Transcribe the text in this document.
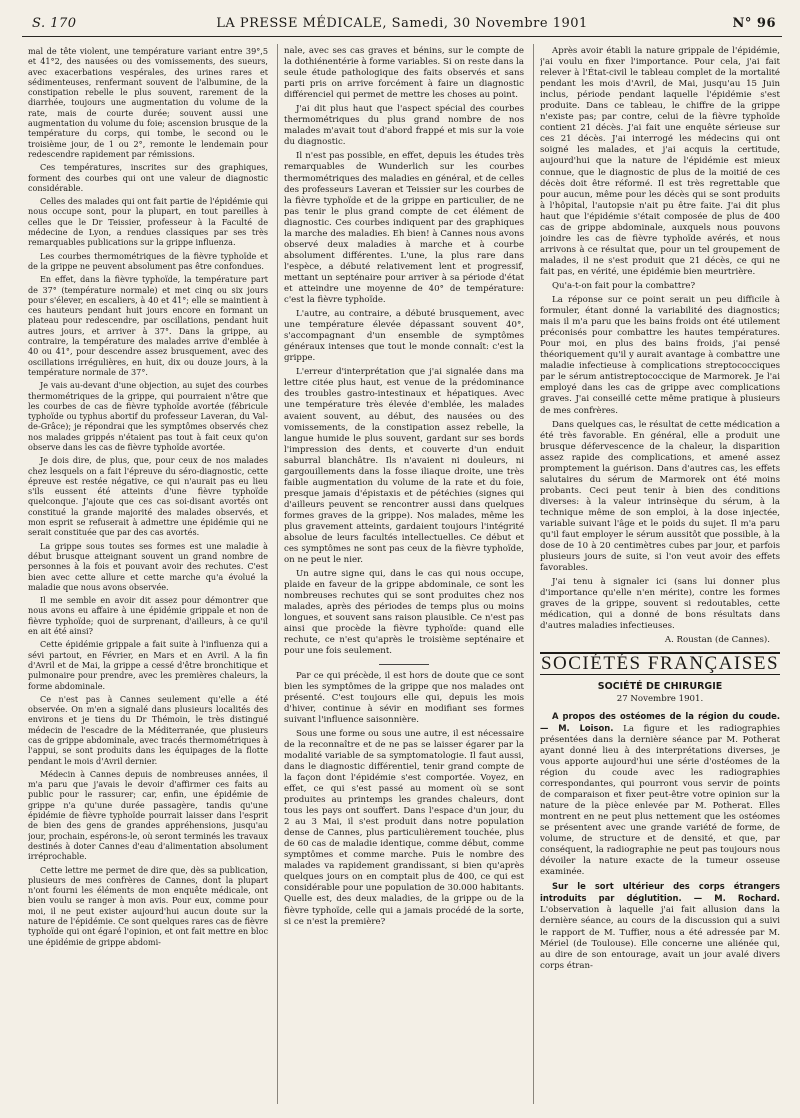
S. 170	LA PRESSE MÉDICALE, Samedi, 30 Novembre 1901	N° 96

mal de tête violent, une température variant entre 39°,5 et 41°2, des nausées ou des vomissements, des sueurs, avec exacerbations vespérales, des urines rares et sédimenteuses, renfermant souvent de l'albumine, de la constipation rebelle le plus souvent, rarement de la diarrhée, toujours une augmentation du volume de la rate, mais de courte durée; souvent aussi une augmentation du volume du foie; ascension brusque de la température du corps, qui tombe, le second ou le troisième jour, de 1 ou 2°, remonte le lendemain pour redescendre rapidement par rémissions.

Ces températures, inscrites sur des graphiques, forment des courbes qui ont une valeur de diagnostic considérable.

Celles des malades qui ont fait partie de l'épidémie qui nous occupe sont, pour la plupart, en tout pareilles à celles que le Dr Teissier, professeur à la Faculté de médecine de Lyon, a rendues classiques par ses très remarquables publications sur la grippe influenza.

Les courbes thermométriques de la fièvre typhoïde et de la grippe ne peuvent absolument pas être confondues.

En effet, dans la fièvre typhoïde, la température part de 37° (température normale) et met cinq ou six jours pour s'élever, en escaliers, à 40 et 41°; elle se maintient à ces hauteurs pendant huit jours encore en formant un plateau pour redescendre, par oscillations, pendant huit autres jours, et arriver à 37°. Dans la grippe, au contraire, la température des malades arrive d'emblée à 40 ou 41°, pour descendre assez brusquement, avec des oscillations irrégulières, en huit, dix ou douze jours, à la température normale de 37°.

Je vais au-devant d'une objection, au sujet des courbes thermométriques de la grippe, qui pourraient n'être que les courbes de cas de fièvre typhoïde avortée (fébricule typhoïde ou typhus abortif du professeur Laveran, du Val-de-Grâce); je répondrai que les symptômes observés chez nos malades grippés n'étaient pas tout à fait ceux qu'on observe dans les cas de fièvre typhoïde avortée.

Je dois dire, de plus, que, pour ceux de nos malades chez lesquels on a fait l'épreuve du séro-diagnostic, cette épreuve est restée négative, ce qui n'aurait pas eu lieu s'ils eussent été atteints d'une fièvre typhoïde quelconque. J'ajoute que ces cas soi-disant avortés ont constitué la grande majorité des malades observés, et mon esprit se refuserait à admettre une épidémie qui ne serait constituée que par des cas avortés.

La grippe sous toutes ses formes est une maladie à début brusque atteignant souvent un grand nombre de personnes à la fois et pouvant avoir des rechutes. C'est bien avec cette allure et cette marche qu'a évolué la maladie que nous avons observée.

Il me semble en avoir dit assez pour démontrer que nous avons eu affaire à une épidémie grippale et non de fièvre typhoïde; quoi de surprenant, d'ailleurs, à ce qu'il en ait été ainsi?

Cette épidémie grippale a fait suite à l'influenza qui a sévi partout, en Février, en Mars et en Avril. A la fin d'Avril et de Mai, la grippe a cessé d'être bronchitique et pulmonaire pour prendre, avec les premières chaleurs, la forme abdominale.

Ce n'est pas à Cannes seulement qu'elle a été observée. On m'en a signalé dans plusieurs localités des environs et je tiens du Dr Thémoin, le très distingué médecin de l'escadre de la Méditerranée, que plusieurs cas de grippe abdominale, avec tracés thermométriques à l'appui, se sont produits dans les équipages de la flotte pendant le mois d'Avril dernier.

Médecin à Cannes depuis de nombreuses années, il m'a paru que j'avais le devoir d'affirmer ces faits au public pour le rassurer; car, enfin, une épidémie de grippe n'a qu'une durée passagère, tandis qu'une épidémie de fièvre typhoïde pourrait laisser dans l'esprit de bien des gens de grandes appréhensions, jusqu'au jour, prochain, espérons-le, où seront terminés les travaux destinés à doter Cannes d'eau d'alimentation absolument irréprochable.

Cette lettre me permet de dire que, dès sa publication, plusieurs de mes confrères de Cannes, dont la plupart n'ont fourni les éléments de mon enquête médicale, ont bien voulu se ranger à mon avis. Pour eux, comme pour moi, il ne peut exister aujourd'hui aucun doute sur la nature de l'épidémie. Ce sont quelques rares cas de fièvre typhoïde qui ont égaré l'opinion, et ont fait mettre en bloc une épidémie de grippe abdomi-

nale, avec ses cas graves et bénins, sur le compte de la dothiénentérie à forme variables. Si on reste dans la seule étude pathologique des faits observés et sans parti pris on arrive forcément à faire un diagnostic différenciel qui permet de mettre les choses au point.

J'ai dit plus haut que l'aspect spécial des courbes thermométriques du plus grand nombre de nos malades m'avait tout d'abord frappé et mis sur la voie du diagnostic.

Il n'est pas possible, en effet, depuis les études très remarquables de Wunderlich sur les courbes thermométriques des maladies en général, et de celles des professeurs Laveran et Teissier sur les courbes de la fièvre typhoïde et de la grippe en particulier, de ne pas tenir le plus grand compte de cet élément de diagnostic. Ces courbes indiquent par des graphiques la marche des maladies. Eh bien! à Cannes nous avons observé deux maladies à marche et à courbe absolument différentes. L'une, la plus rare dans l'espèce, a débuté relativement lent et progressif, mettant un septénaire pour arriver à sa période d'état et atteindre une moyenne de 40° de température: c'est la fièvre typhoïde.

L'autre, au contraire, a débuté brusquement, avec une température élevée dépassant souvent 40°, s'accompagnant d'un ensemble de symptômes généraux intenses que tout le monde connaît: c'est la grippe.

L'erreur d'interprétation que j'ai signalée dans ma lettre citée plus haut, est venue de la prédominance des troubles gastro-intestinaux et hépatiques. Avec une température très élevée d'emblée, les malades avaient souvent, au début, des nausées ou des vomissements, de la constipation assez rebelle, la langue humide le plus souvent, gardant sur ses bords l'impression des dents, et couverte d'un enduit saburral blanchâtre. Ils n'avaient ni douleurs, ni gargouillements dans la fosse iliaque droite, une très faible augmentation du volume de la rate et du foie, presque jamais d'épistaxis et de pétéchies (signes qui d'ailleurs peuvent se rencontrer aussi dans quelques formes graves de la grippe). Nos malades, même les plus gravement atteints, gardaient toujours l'intégrité absolue de leurs facultés intellectuelles. Ce début et ces symptômes ne sont pas ceux de la fièvre typhoïde, on ne peut le nier.

Un autre signe qui, dans le cas qui nous occupe, plaide en faveur de la grippe abdominale, ce sont les nombreuses rechutes qui se sont produites chez nos malades, après des périodes de temps plus ou moins longues, et souvent sans raison plausible. Ce n'est pas ainsi que procède la fièvre typhoïde: quand elle rechute, ce n'est qu'après le troisième septénaire et pour une fois seulement.

Par ce qui précède, il est hors de doute que ce sont bien les symptômes de la grippe que nos malades ont présenté. C'est toujours elle qui, depuis les mois d'hiver, continue à sévir en modifiant ses formes suivant l'influence saisonnière.

Sous une forme ou sous une autre, il est nécessaire de la reconnaître et de ne pas se laisser égarer par la modalité variable de sa symptomatologie. Il faut aussi, dans le diagnostic différentiel, tenir grand compte de la façon dont l'épidémie s'est comportée. Voyez, en effet, ce qui s'est passé au moment où se sont produites au printemps les grandes chaleurs, dont tous les pays ont souffert. Dans l'espace d'un jour, du 2 au 3 Mai, il s'est produit dans notre population dense de Cannes, plus particulièrement touchée, plus de 60 cas de maladie identique, comme début, comme symptômes et comme marche. Puis le nombre des malades va rapidement grandissant, si bien qu'après quelques jours on en comptait plus de 400, ce qui est considérable pour une population de 30.000 habitants. Quelle est, des deux maladies, de la grippe ou de la fièvre typhoïde, celle qui a jamais procédé de la sorte, si ce n'est la première?

Après avoir établi la nature grippale de l'épidémie, j'ai voulu en fixer l'importance. Pour cela, j'ai fait relever à l'État-civil le tableau complet de la mortalité pendant les mois d'Avril, de Mai, jusqu'au 15 Juin inclus, période pendant laquelle l'épidémie s'est produite. Dans ce tableau, le chiffre de la grippe n'existe pas; par contre, celui de la fièvre typhoïde contient 21 décès. J'ai fait une enquête sérieuse sur ces 21 décès. J'ai interrogé les médecins qui ont soigné les malades, et j'ai acquis la certitude, aujourd'hui que la nature de l'épidémie est mieux connue, que le diagnostic de plus de la moitié de ces décès doit être réformé. Il est très regrettable que pour aucun, même pour les décès qui se sont produits à l'hôpital, l'autopsie n'ait pu être faite. J'ai dit plus haut que l'épidémie s'était composée de plus de 400 cas de grippe abdominale, auxquels nous pouvons joindre les cas de fièvre typhoïde avérés, et nous arrivons à ce résultat que, pour un tel groupement de malades, il ne s'est produit que 21 décès, ce qui ne fait pas, en vérité, une épidémie bien meurtrière.

Qu'a-t-on fait pour la combattre?

La réponse sur ce point serait un peu difficile à formuler, étant donné la variabilité des diagnostics; mais il m'a paru que les bains froids ont été utilement préconisés pour combattre les hautes températures. Pour moi, en plus des bains froids, j'ai pensé théoriquement qu'il y aurait avantage à combattre une maladie infectieuse à complications streptococciques par le sérum antistreptococcique de Marmorek. Je l'ai employé dans les cas de grippe avec complications graves. J'ai conseillé cette même pratique à plusieurs de mes confrères.

Dans quelques cas, le résultat de cette médication a été très favorable. En général, elle a produit une brusque défervescence de la chaleur, la disparition assez rapide des complications, et amené assez promptement la guérison. Dans d'autres cas, les effets salutaires du sérum de Marmorek ont été moins probants. Ceci peut tenir à bien des conditions diverses: à la valeur intrinsèque du sérum, à la technique même de son emploi, à la dose injectée, variable suivant l'âge et le poids du sujet. Il m'a paru qu'il faut employer le sérum aussitôt que possible, à la dose de 10 à 20 centimètres cubes par jour, et parfois plusieurs jours de suite, si l'on veut avoir des effets favorables.

J'ai tenu à signaler ici (sans lui donner plus d'importance qu'elle n'en mérite), contre les formes graves de la grippe, souvent si redoutables, cette médication, qui a donné de bons résultats dans d'autres maladies infectieuses.

A. Roustan (de Cannes).
SOCIÉTÉS FRANÇAISES
SOCIÉTÉ DE CHIRURGIE
27 Novembre 1901.

A propos des ostéomes de la région du coude. — M. Loison. La figure et les radiographies présentées dans la dernière séance par M. Potherat ayant donné lieu à des interprétations diverses, je vous apporte aujourd'hui une série d'ostéomes de la région du coude avec les radiographies correspondantes, qui pourront vous servir de points de comparaison et fixer peut-être votre opinion sur la nature de la pièce enlevée par M. Potherat. Elles montrent en ne peut plus nettement que les ostéomes se présentent avec une grande variété de forme, de volume, de structure et de densité, et que, par conséquent, la radiographie ne peut pas toujours nous dévoiler la nature exacte de la tumeur osseuse examinée.

Sur le sort ultérieur des corps étrangers introduits par déglutition. — M. Rochard. L'observation à laquelle j'ai fait allusion dans la dernière séance, au cours de la discussion qui a suivi le rapport de M. Tuffier, nous a été adressée par M. Mériel (de Toulouse). Elle concerne une aliénée qui, au dire de son entourage, avait un jour avalé divers corps étran-
